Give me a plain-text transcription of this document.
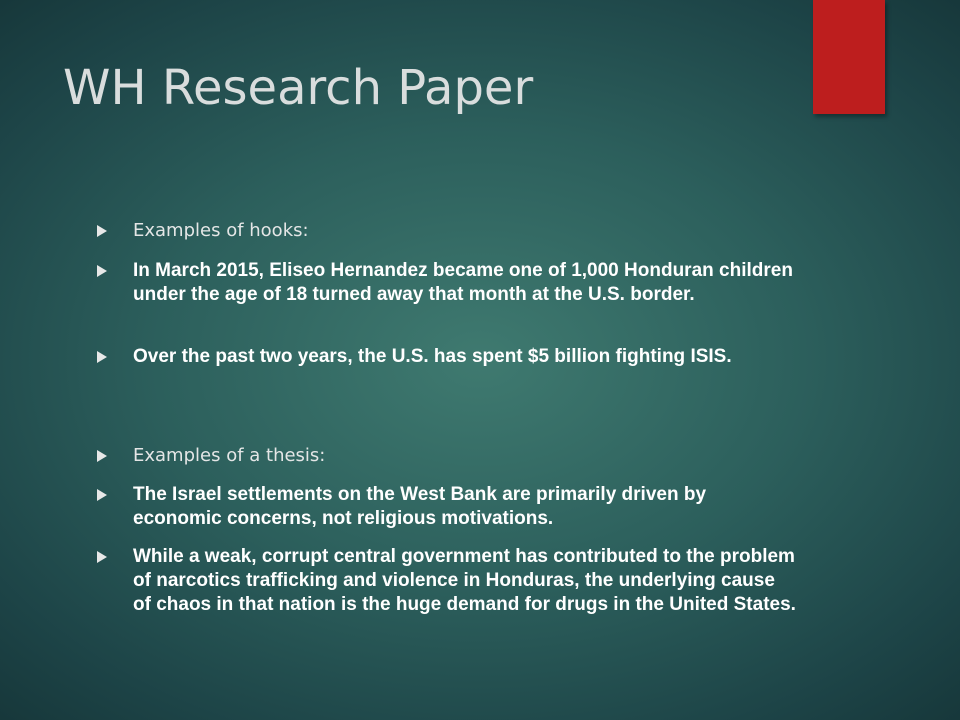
WH Research Paper
Examples of hooks:
In March 2015, Eliseo Hernandez became one of 1,000 Honduran children under the age of 18 turned away that month at the U.S. border.
Over the past two years, the U.S. has spent $5 billion fighting ISIS.
Examples of a thesis:
The Israel settlements on the West Bank are primarily driven by economic concerns, not religious motivations.
While a weak, corrupt central government has contributed to the problem of narcotics trafficking and violence in Honduras, the underlying cause of chaos in that nation is the huge demand for drugs in the United States.
